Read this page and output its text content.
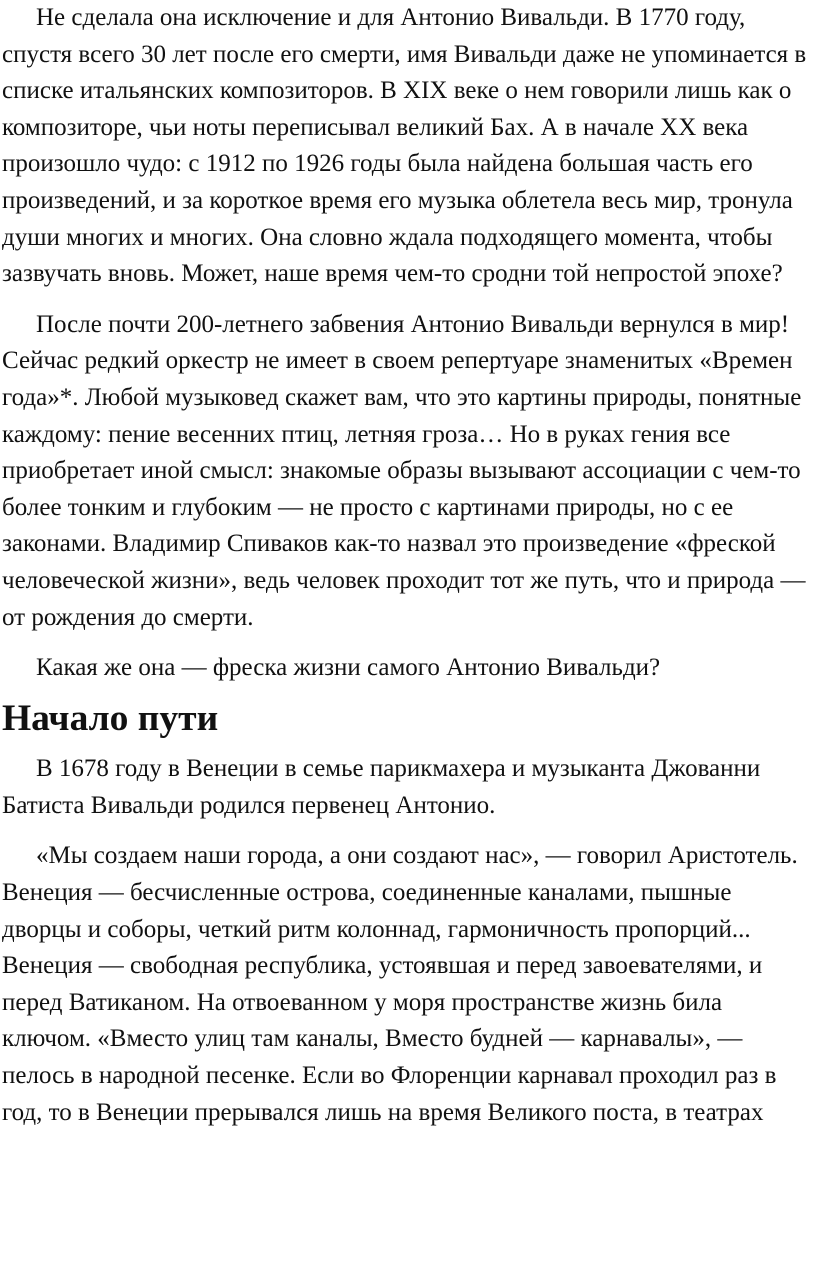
Не сделала она исключение и для Антонио Вивальди. В 1770 году, спустя всего 30 лет после его смерти, имя Вивальди даже не упоминается в списке итальянских композиторов. В XIX веке о нем говорили лишь как о композиторе, чьи ноты переписывал великий Бах. А в начале XX века произошло чудо: с 1912 по 1926 годы была найдена большая часть его произведений, и за короткое время его музыка облетела весь мир, тронула души многих и многих. Она словно ждала подходящего момента, чтобы зазвучать вновь. Может, наше время чем-то сродни той непростой эпохе?

После почти 200-летнего забвения Антонио Вивальди вернулся в мир! Сейчас редкий оркестр не имеет в своем репертуаре знаменитых «Времен года»*. Любой музыковед скажет вам, что это картины природы, понятные каждому: пение весенних птиц, летняя гроза… Но в руках гения все приобретает иной смысл: знакомые образы вызывают ассоциации с чем-то более тонким и глубоким — не просто с картинами природы, но с ее законами. Владимир Спиваков как-то назвал это произведение «фреской человеческой жизни», ведь человек проходит тот же путь, что и природа — от рождения до смерти.

Какая же она — фреска жизни самого Антонио Вивальди?

Начало пути

В 1678 году в Венеции в семье парикмахера и музыканта Джованни Батиста Вивальди родился первенец Антонио.

«Мы создаем наши города, а они создают нас», — говорил Аристотель. Венеция — бесчисленные острова, соединенные каналами, пышные дворцы и соборы, четкий ритм колоннад, гармоничность пропорций... Венеция — свободная республика, устоявшая и перед завоевателями, и перед Ватиканом. На отвоеванном у моря пространстве жизнь била ключом. «Вместо улиц там каналы, Вместо будней — карнавалы», — пелось в народной песенке. Если во Флоренции карнавал проходил раз в год, то в Венеции прерывался лишь на время Великого поста, в театрах
